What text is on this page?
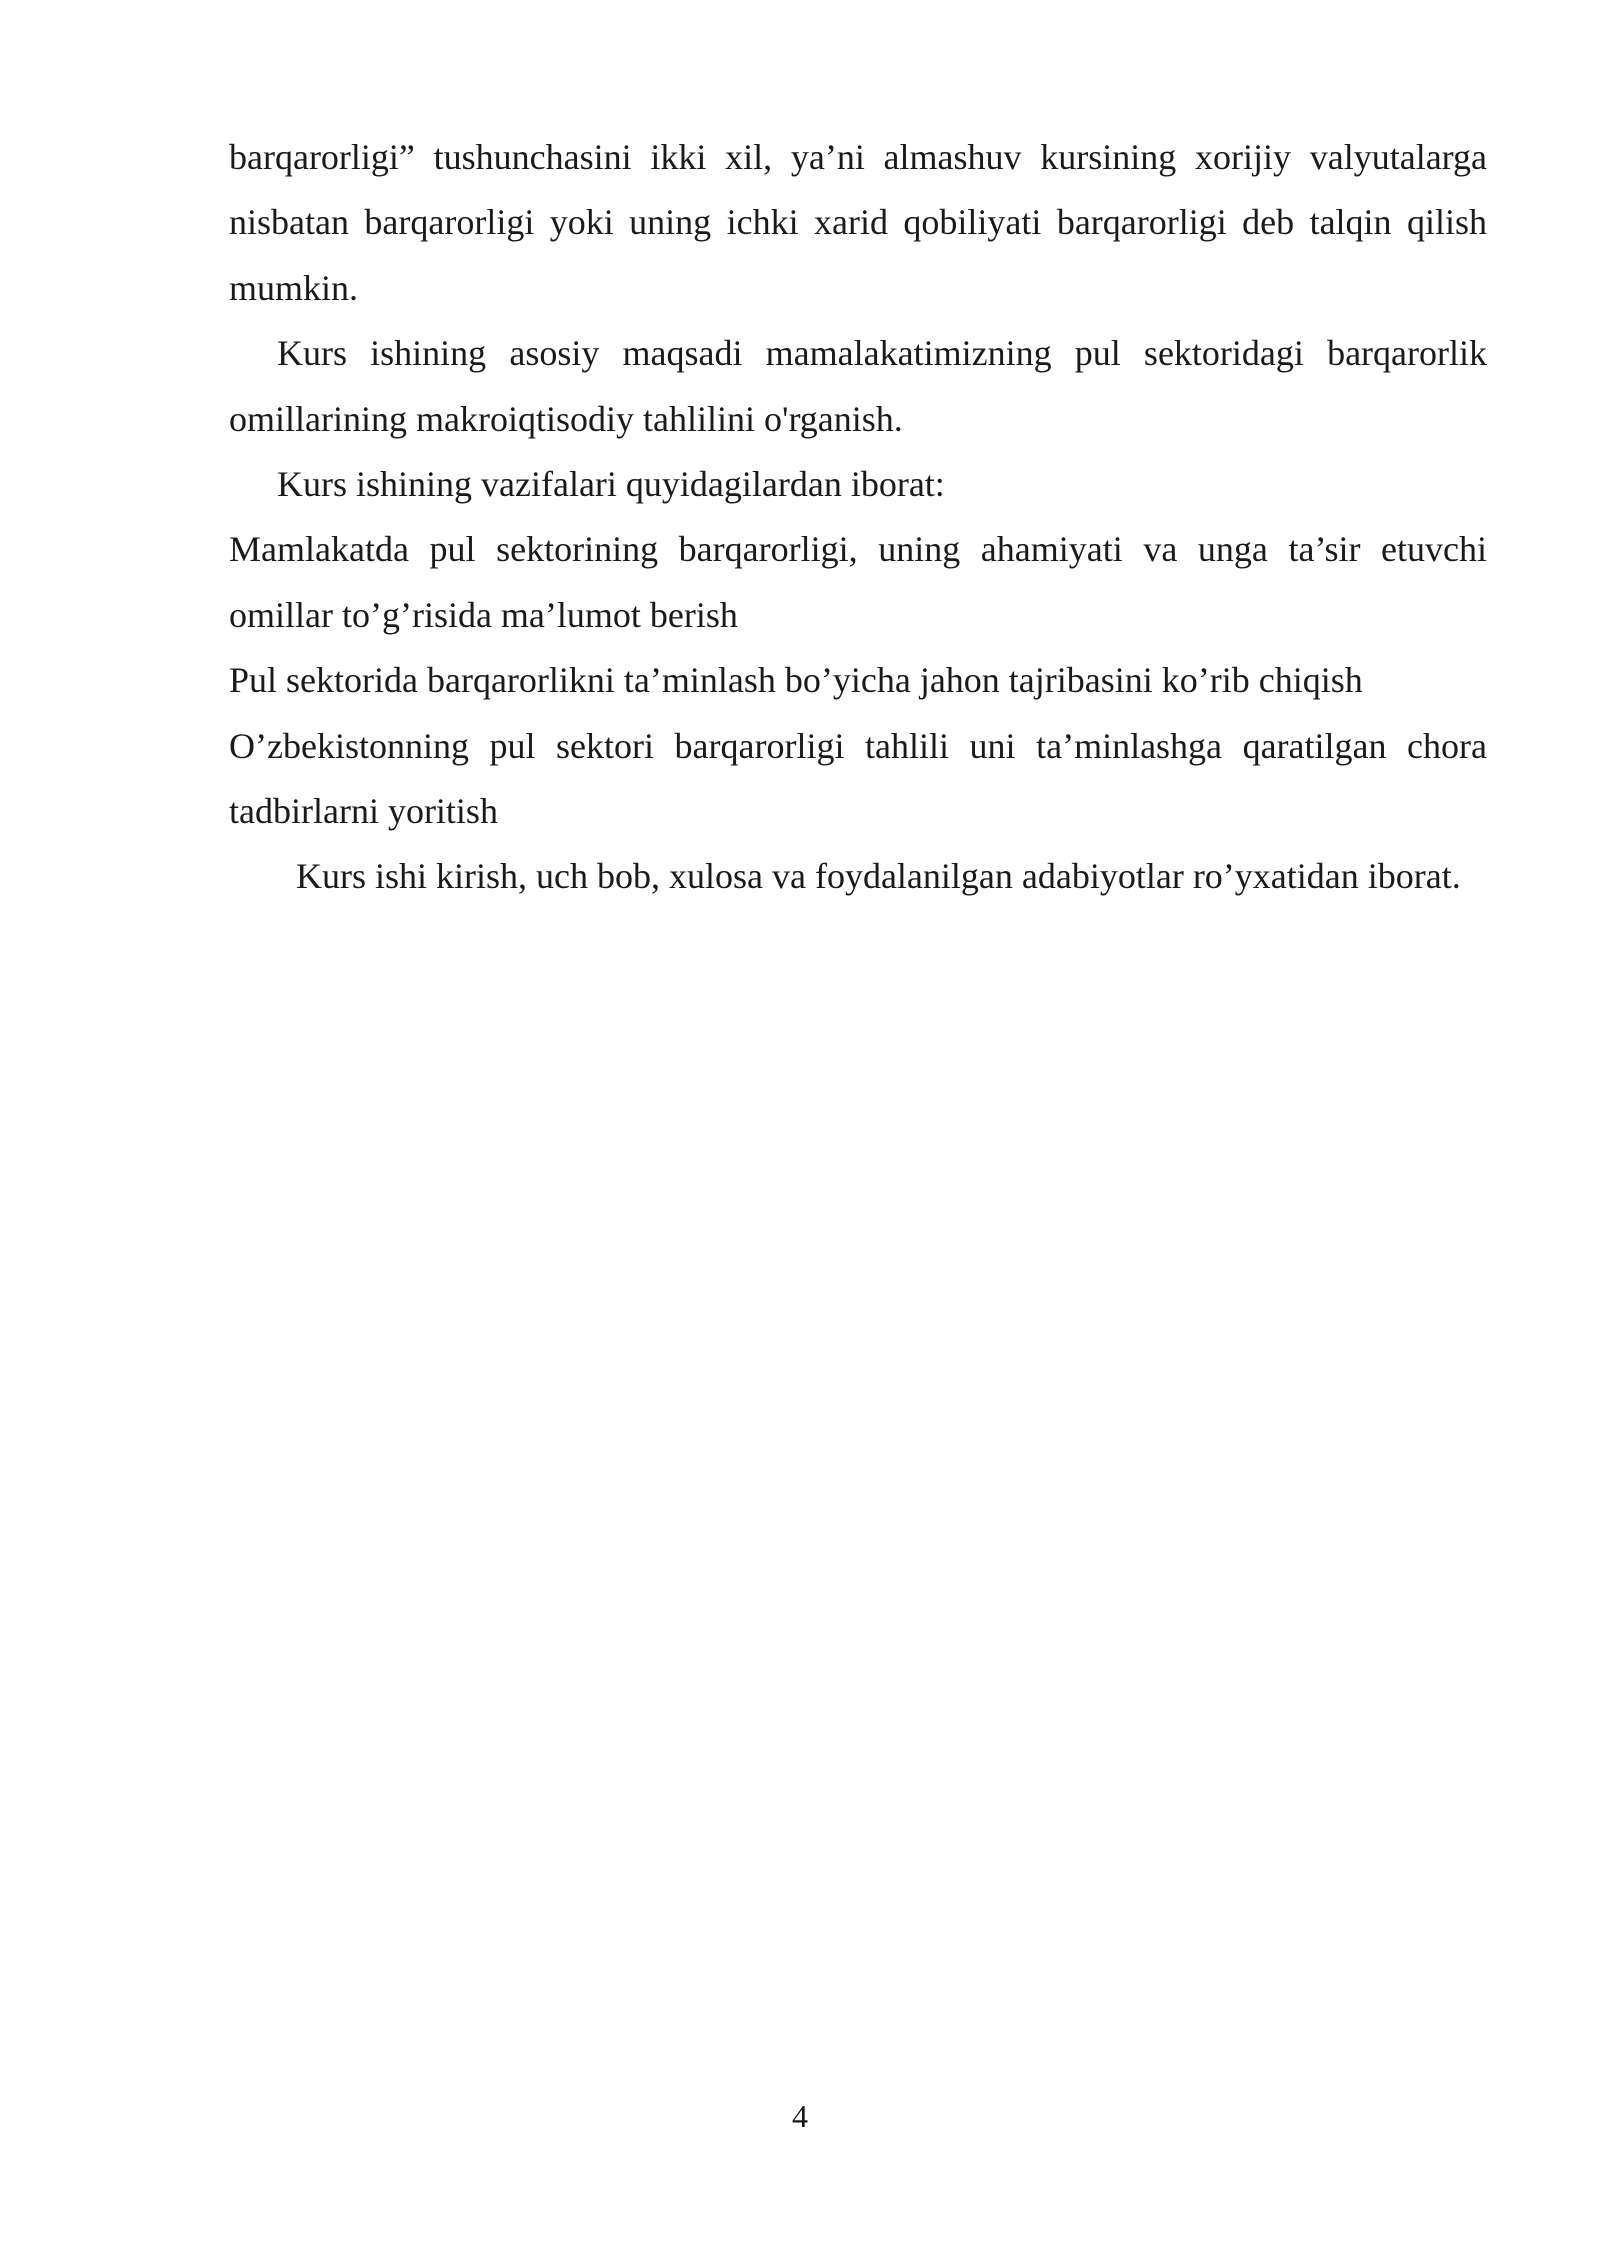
barqarorligi” tushunchasini ikki xil, ya’ni almashuv kursining xorijiy valyutalarga nisbatan barqarorligi yoki uning ichki xarid qobiliyati barqarorligi deb talqin qilish mumkin.

Kurs ishining asosiy maqsadi mamalakatimizning pul sektoridagi barqarorlik omillarining makroiqtisodiy tahlilini o'rganish.

Kurs ishining vazifalari quyidagilardan iborat:

Mamlakatda pul sektorining barqarorligi, uning ahamiyati va unga ta’sir etuvchi omillar to’g’risida ma’lumot berish

Pul sektorida barqarorlikni ta’minlash bo’yicha jahon tajribasini ko’rib chiqish

O’zbekistonning pul sektori barqarorligi tahlili uni ta’minlashga qaratilgan chora tadbirlarni yoritish

Kurs ishi kirish, uch bob, xulosa va foydalanilgan adabiyotlar ro’yxatidan iborat.

4
